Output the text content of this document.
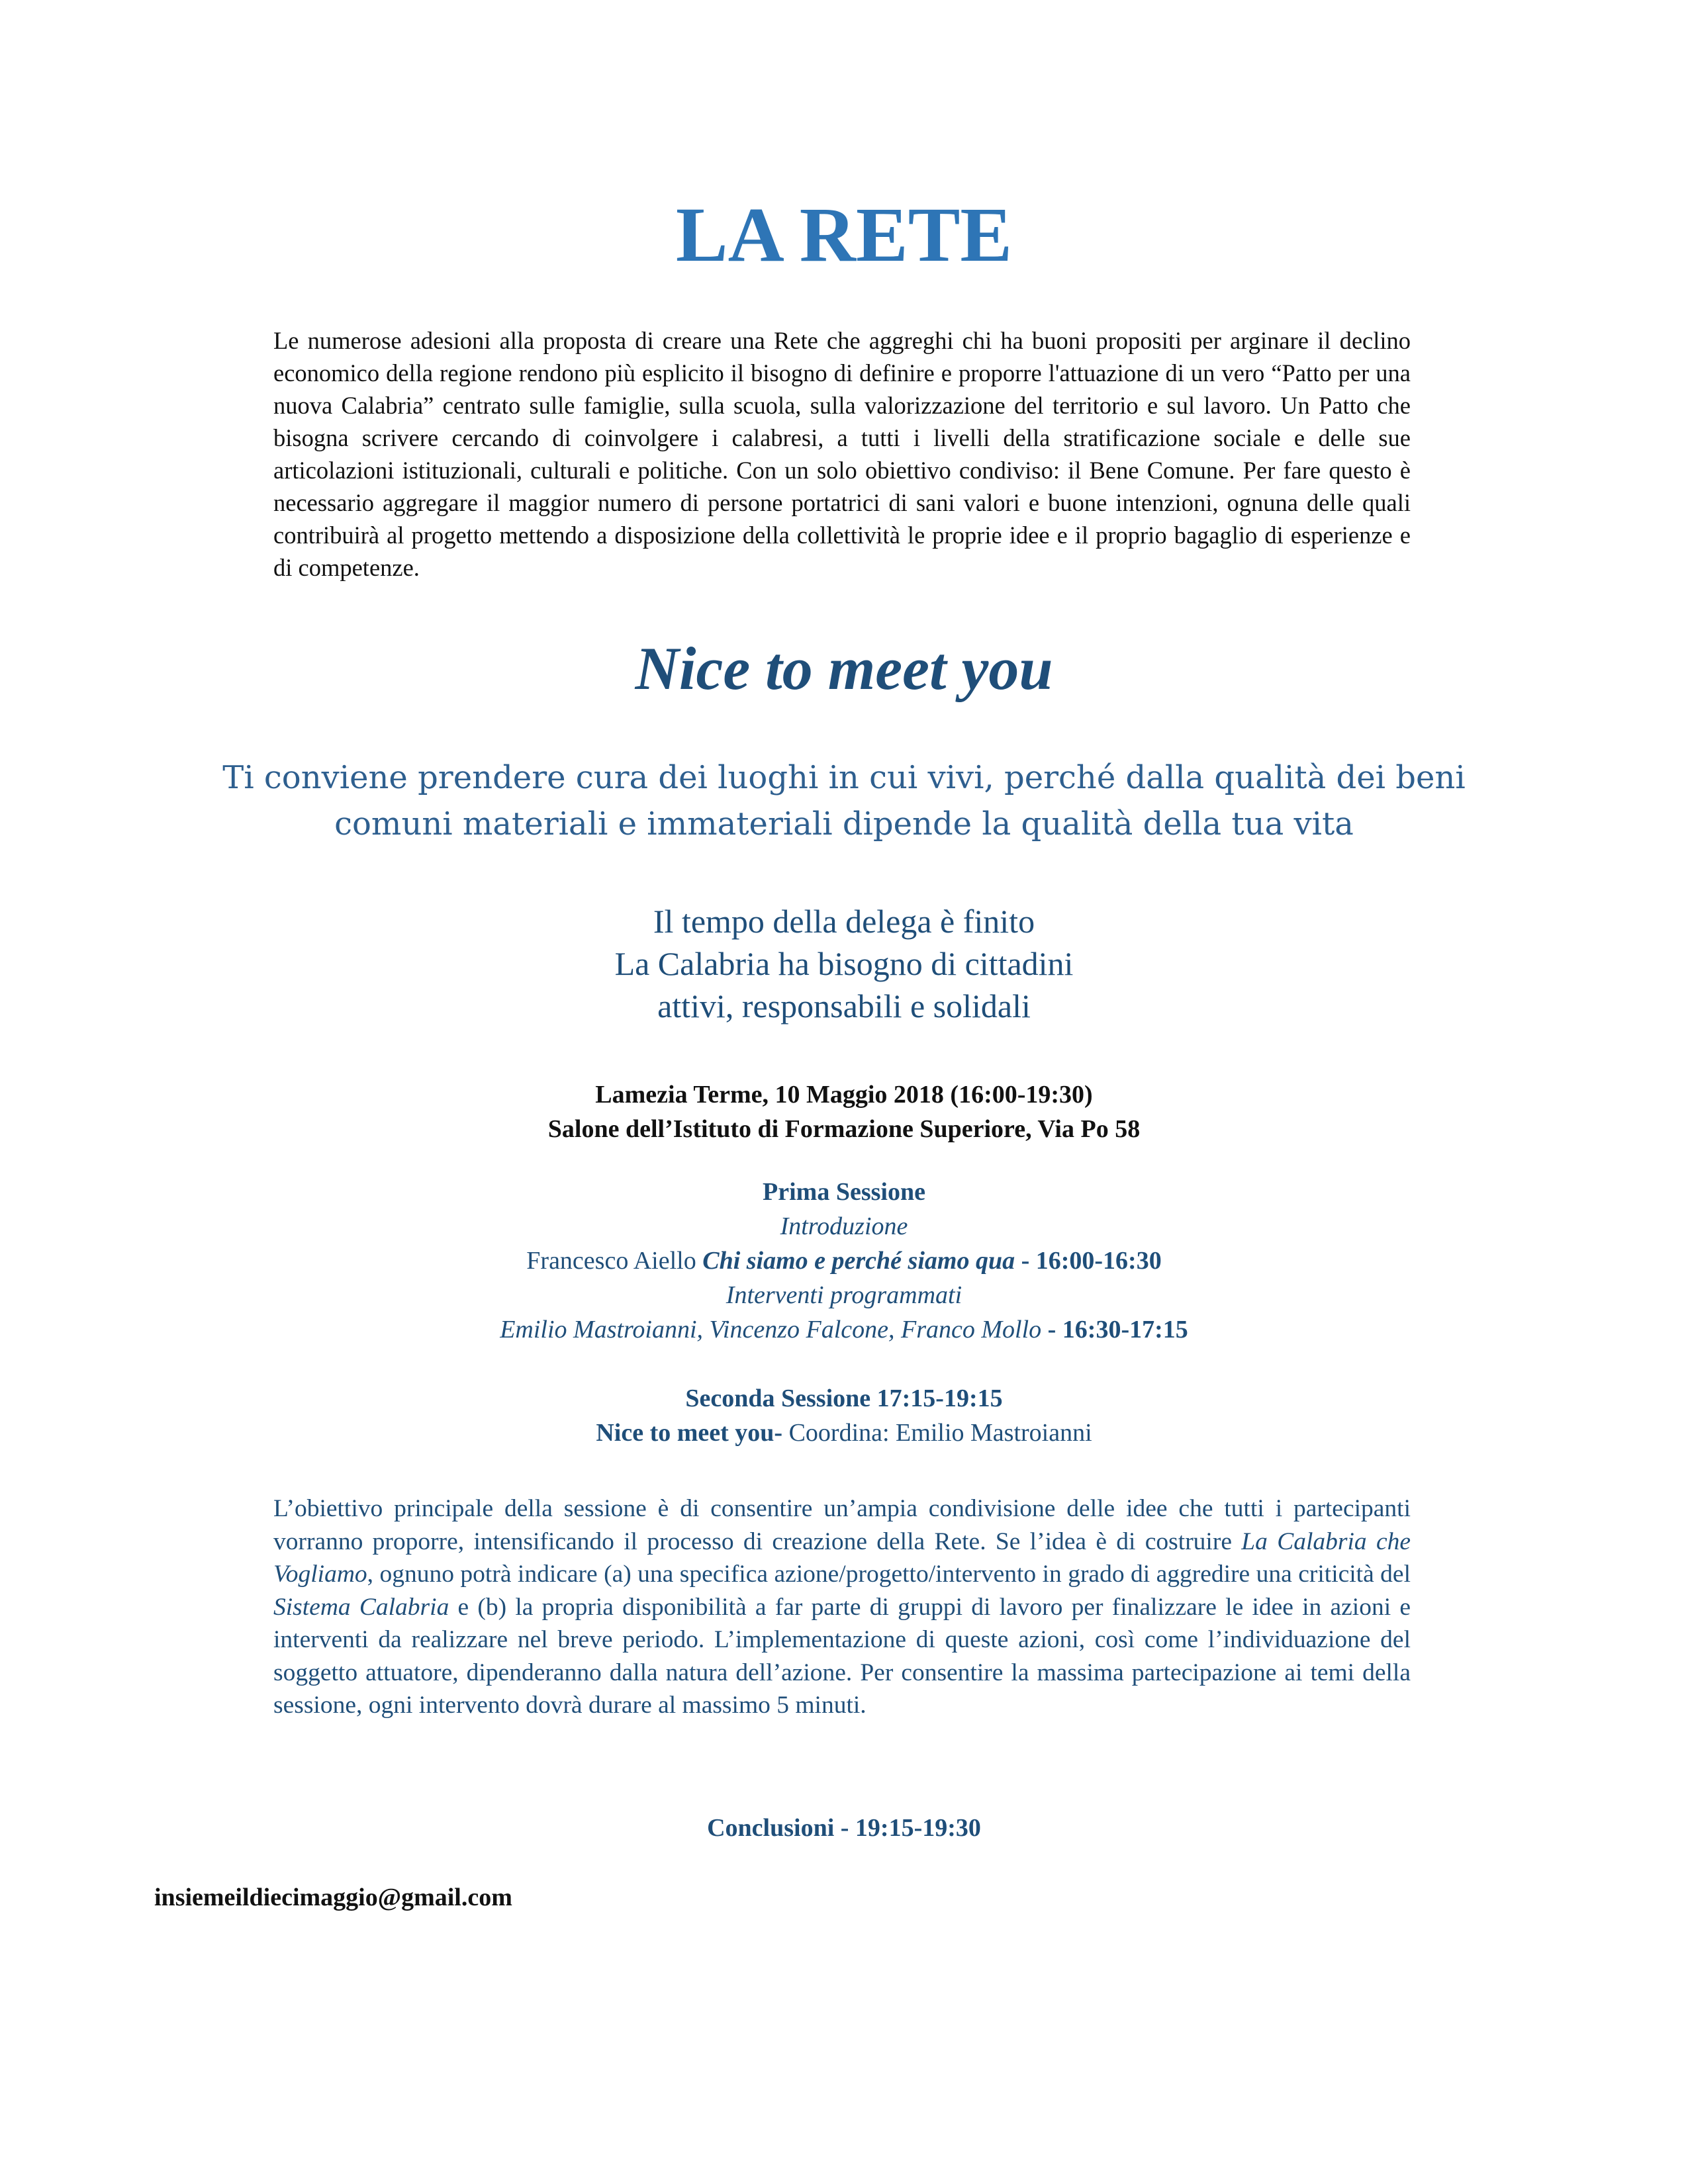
LA RETE

Le numerose adesioni alla proposta di creare una Rete che aggreghi chi ha buoni propositi per arginare il declino economico della regione rendono più esplicito il bisogno di definire e proporre l'attuazione di un vero “Patto per una nuova Calabria” centrato sulle famiglie, sulla scuola, sulla valorizzazione del territorio e sul lavoro. Un Patto che bisogna scrivere cercando di coinvolgere i calabresi, a tutti i livelli della stratificazione sociale e delle sue articolazioni istituzionali, culturali e politiche. Con un solo obiettivo condiviso: il Bene Comune. Per fare questo è necessario aggregare il maggior numero di persone portatrici di sani valori e buone intenzioni, ognuna delle quali contribuirà al progetto mettendo a disposizione della collettività le proprie idee e il proprio bagaglio di esperienze e di competenze.

Nice to meet you

Ti conviene prendere cura dei luoghi in cui vivi, perché dalla qualità dei beni
comuni materiali e immateriali dipende la qualità della tua vita

Il tempo della delega è finito
La Calabria ha bisogno di cittadini
attivi, responsabili e solidali

Lamezia Terme, 10 Maggio 2018 (16:00-19:30)
Salone dell’Istituto di Formazione Superiore, Via Po 58
Prima Sessione
Introduzione
Francesco Aiello Chi siamo e perché siamo qua - 16:00-16:30
Interventi programmati
Emilio Mastroianni, Vincenzo Falcone, Franco Mollo - 16:30-17:15
Seconda Sessione 17:15-19:15
Nice to meet you- Coordina: Emilio Mastroianni

L’obiettivo principale della sessione è di consentire un’ampia condivisione delle idee che tutti i partecipanti vorranno proporre, intensificando il processo di creazione della Rete. Se l’idea è di costruire La Calabria che Vogliamo, ognuno potrà indicare (a) una specifica azione/progetto/intervento in grado di aggredire una criticità del Sistema Calabria e (b) la propria disponibilità a far parte di gruppi di lavoro per finalizzare le idee in azioni e interventi da realizzare nel breve periodo. L’implementazione di queste azioni, così come l’individuazione del soggetto attuatore, dipenderanno dalla natura dell’azione. Per consentire la massima partecipazione ai temi della sessione, ogni intervento dovrà durare al massimo 5 minuti.

Conclusioni - 19:15-19:30

insiemeildiecimaggio@gmail.com
